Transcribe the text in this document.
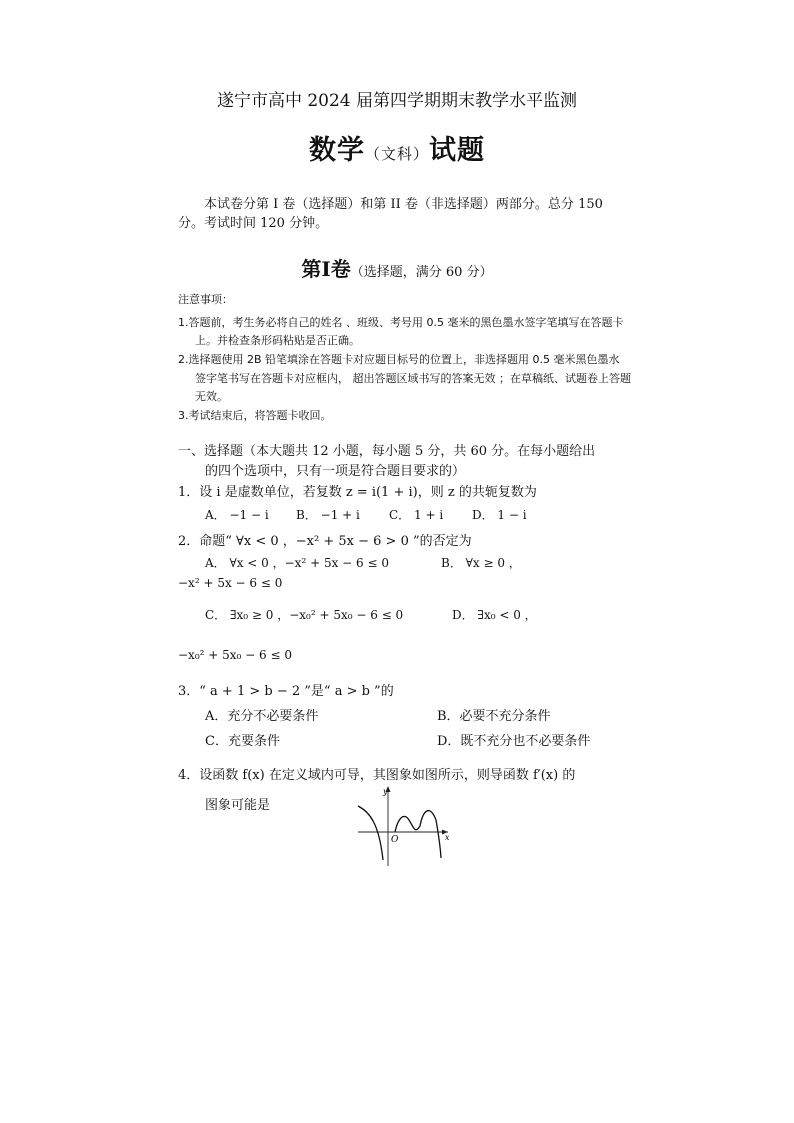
遂宁市高中 2024 届第四学期期末教学水平监测
数学（文科）试题
本试卷分第 I 卷（选择题）和第 II 卷（非选择题）两部分。总分 150
分。考试时间 120 分钟。
第Ⅰ卷（选择题，满分 60 分）
注意事项：
1.答题前，考生务必将自己的姓名 、班级、考号用 0.5 毫米的黑色墨水签字笔填写在答题卡
上。并检查条形码粘贴是否正确。
2.选择题使用 2B 铅笔填涂在答题卡对应题目标号的位置上，非选择题用 0.5 毫米黑色墨水
签字笔书写在答题卡对应框内， 超出答题区域书写的答案无效 ；在草稿纸、试题卷上答题
无效。
3.考试结束后，将答题卡收回。
一、选择题（本大题共 12 小题，每小题 5 分，共 60 分。在每小题给出
的四个选项中，只有一项是符合题目要求的）
1．设 i 是虚数单位，若复数 z = i(1 + i)，则 z 的共轭复数为
A． −1 − i B． −1 + i C． 1 + i D． 1 − i
2．命题“ ∀x < 0 ，−x² + 5x − 6 > 0 ”的否定为
A． ∀x < 0 ，−x² + 5x − 6 ≤ 0	B． ∀x ≥ 0 ，
−x² + 5x − 6 ≤ 0
C． ∃x₀ ≥ 0 ，−x₀² + 5x₀ − 6 ≤ 0	D． ∃x₀ < 0 ，
−x₀² + 5x₀ − 6 ≤ 0
3．“ a + 1 > b − 2 ”是“ a > b ”的
A．充分不必要条件	B．必要不充分条件
C．充要条件	D．既不充分也不必要条件
4．设函数 f(x) 在定义域内可导，其图象如图所示，则导函数 f′(x) 的
图象可能是
y
x
O
